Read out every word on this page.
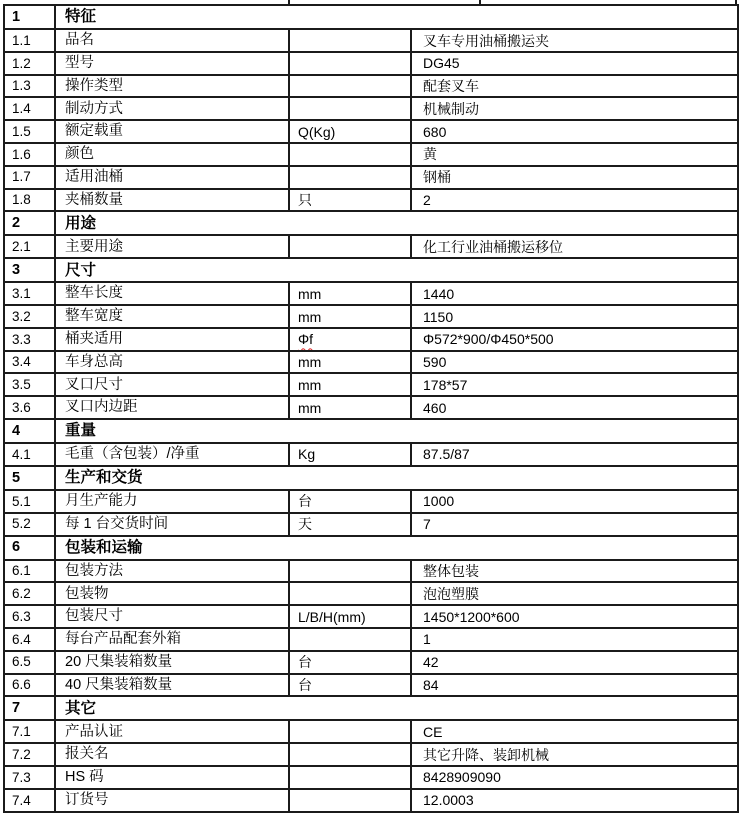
1	特征		
1.1	品名		叉车专用油桶搬运夹
1.2	型号		DG45
1.3	操作类型		配套叉车
1.4	制动方式		机械制动
1.5	额定载重	Q(Kg)	680
1.6	颜色		黄
1.7	适用油桶		钢桶
1.8	夹桶数量	只	2
2	用途		
2.1	主要用途		化工行业油桶搬运移位
3	尺寸		
3.1	整车长度	mm	1440
3.2	整车宽度	mm	1150
3.3	桶夹适用	Φf	Φ572*900/Φ450*500
3.4	车身总高	mm	590
3.5	叉口尺寸	mm	178*57
3.6	叉口内边距	mm	460
4	重量		
4.1	毛重（含包装）/净重	Kg	87.5/87
5	生产和交货		
5.1	月生产能力	台	1000
5.2	每 1 台交货时间	天	7
6	包装和运输		
6.1	包装方法		整体包装
6.2	包装物		泡泡塑膜
6.3	包装尺寸	L/B/H(mm)	1450*1200*600
6.4	每台产品配套外箱		1
6.5	20 尺集装箱数量	台	42
6.6	40 尺集装箱数量	台	84
7	其它		
7.1	产品认证		CE
7.2	报关名		其它升降、装卸机械
7.3	HS 码		8428909090
7.4	订货号		12.0003
